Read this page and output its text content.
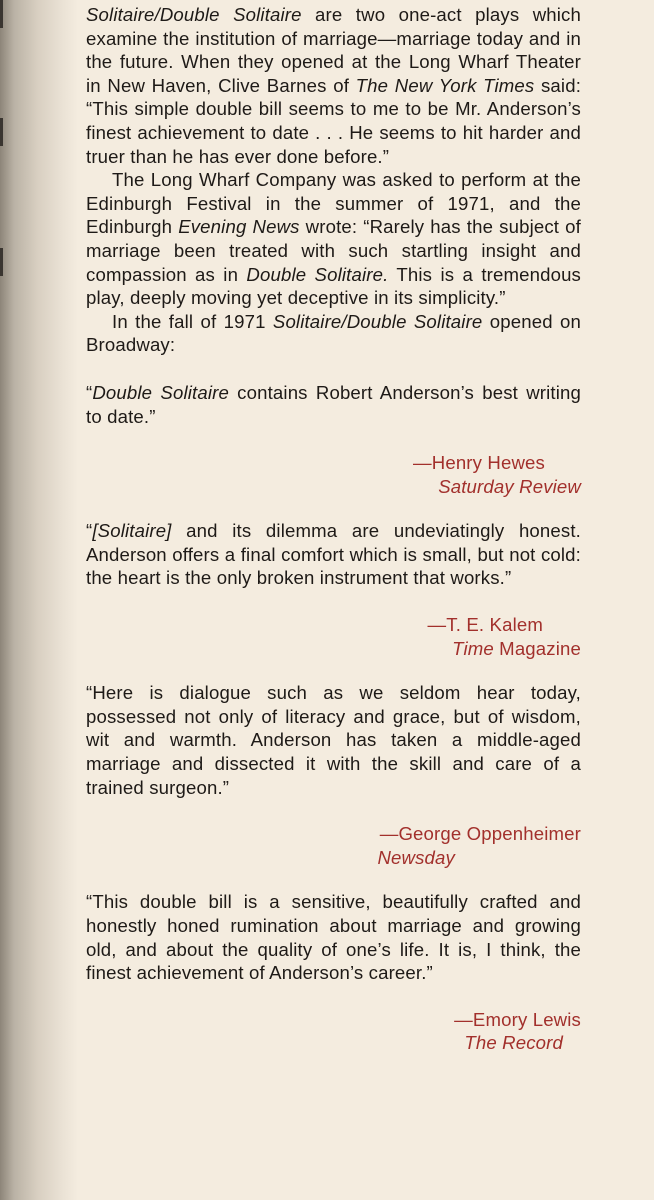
Solitaire/Double Solitaire are two one-act plays which examine the institution of marriage—marriage today and in the future. When they opened at the Long Wharf Theater in New Haven, Clive Barnes of The New York Times said: “This simple double bill seems to me to be Mr. Anderson’s finest achievement to date . . . He seems to hit harder and truer than he has ever done before.”

The Long Wharf Company was asked to perform at the Edinburgh Festival in the summer of 1971, and the Edinburgh Evening News wrote: “Rarely has the subject of marriage been treated with such startling insight and compassion as in Double Solitaire. This is a tremendous play, deeply moving yet deceptive in its simplicity.”

In the fall of 1971 Solitaire/Double Solitaire opened on Broadway:

“Double Solitaire contains Robert Anderson’s best writing to date.”

—Henry Hewes
Saturday Review

“[Solitaire] and its dilemma are undeviatingly honest. Anderson offers a final comfort which is small, but not cold: the heart is the only broken instrument that works.”

—T. E. Kalem
Time Magazine

“Here is dialogue such as we seldom hear today, possessed not only of literacy and grace, but of wisdom, wit and warmth. Anderson has taken a middle-aged marriage and dissected it with the skill and care of a trained surgeon.”

—George Oppenheimer
Newsday

“This double bill is a sensitive, beautifully crafted and honestly honed rumination about marriage and growing old, and about the quality of one’s life. It is, I think, the finest achievement of Anderson’s career.”

—Emory Lewis
The Record
